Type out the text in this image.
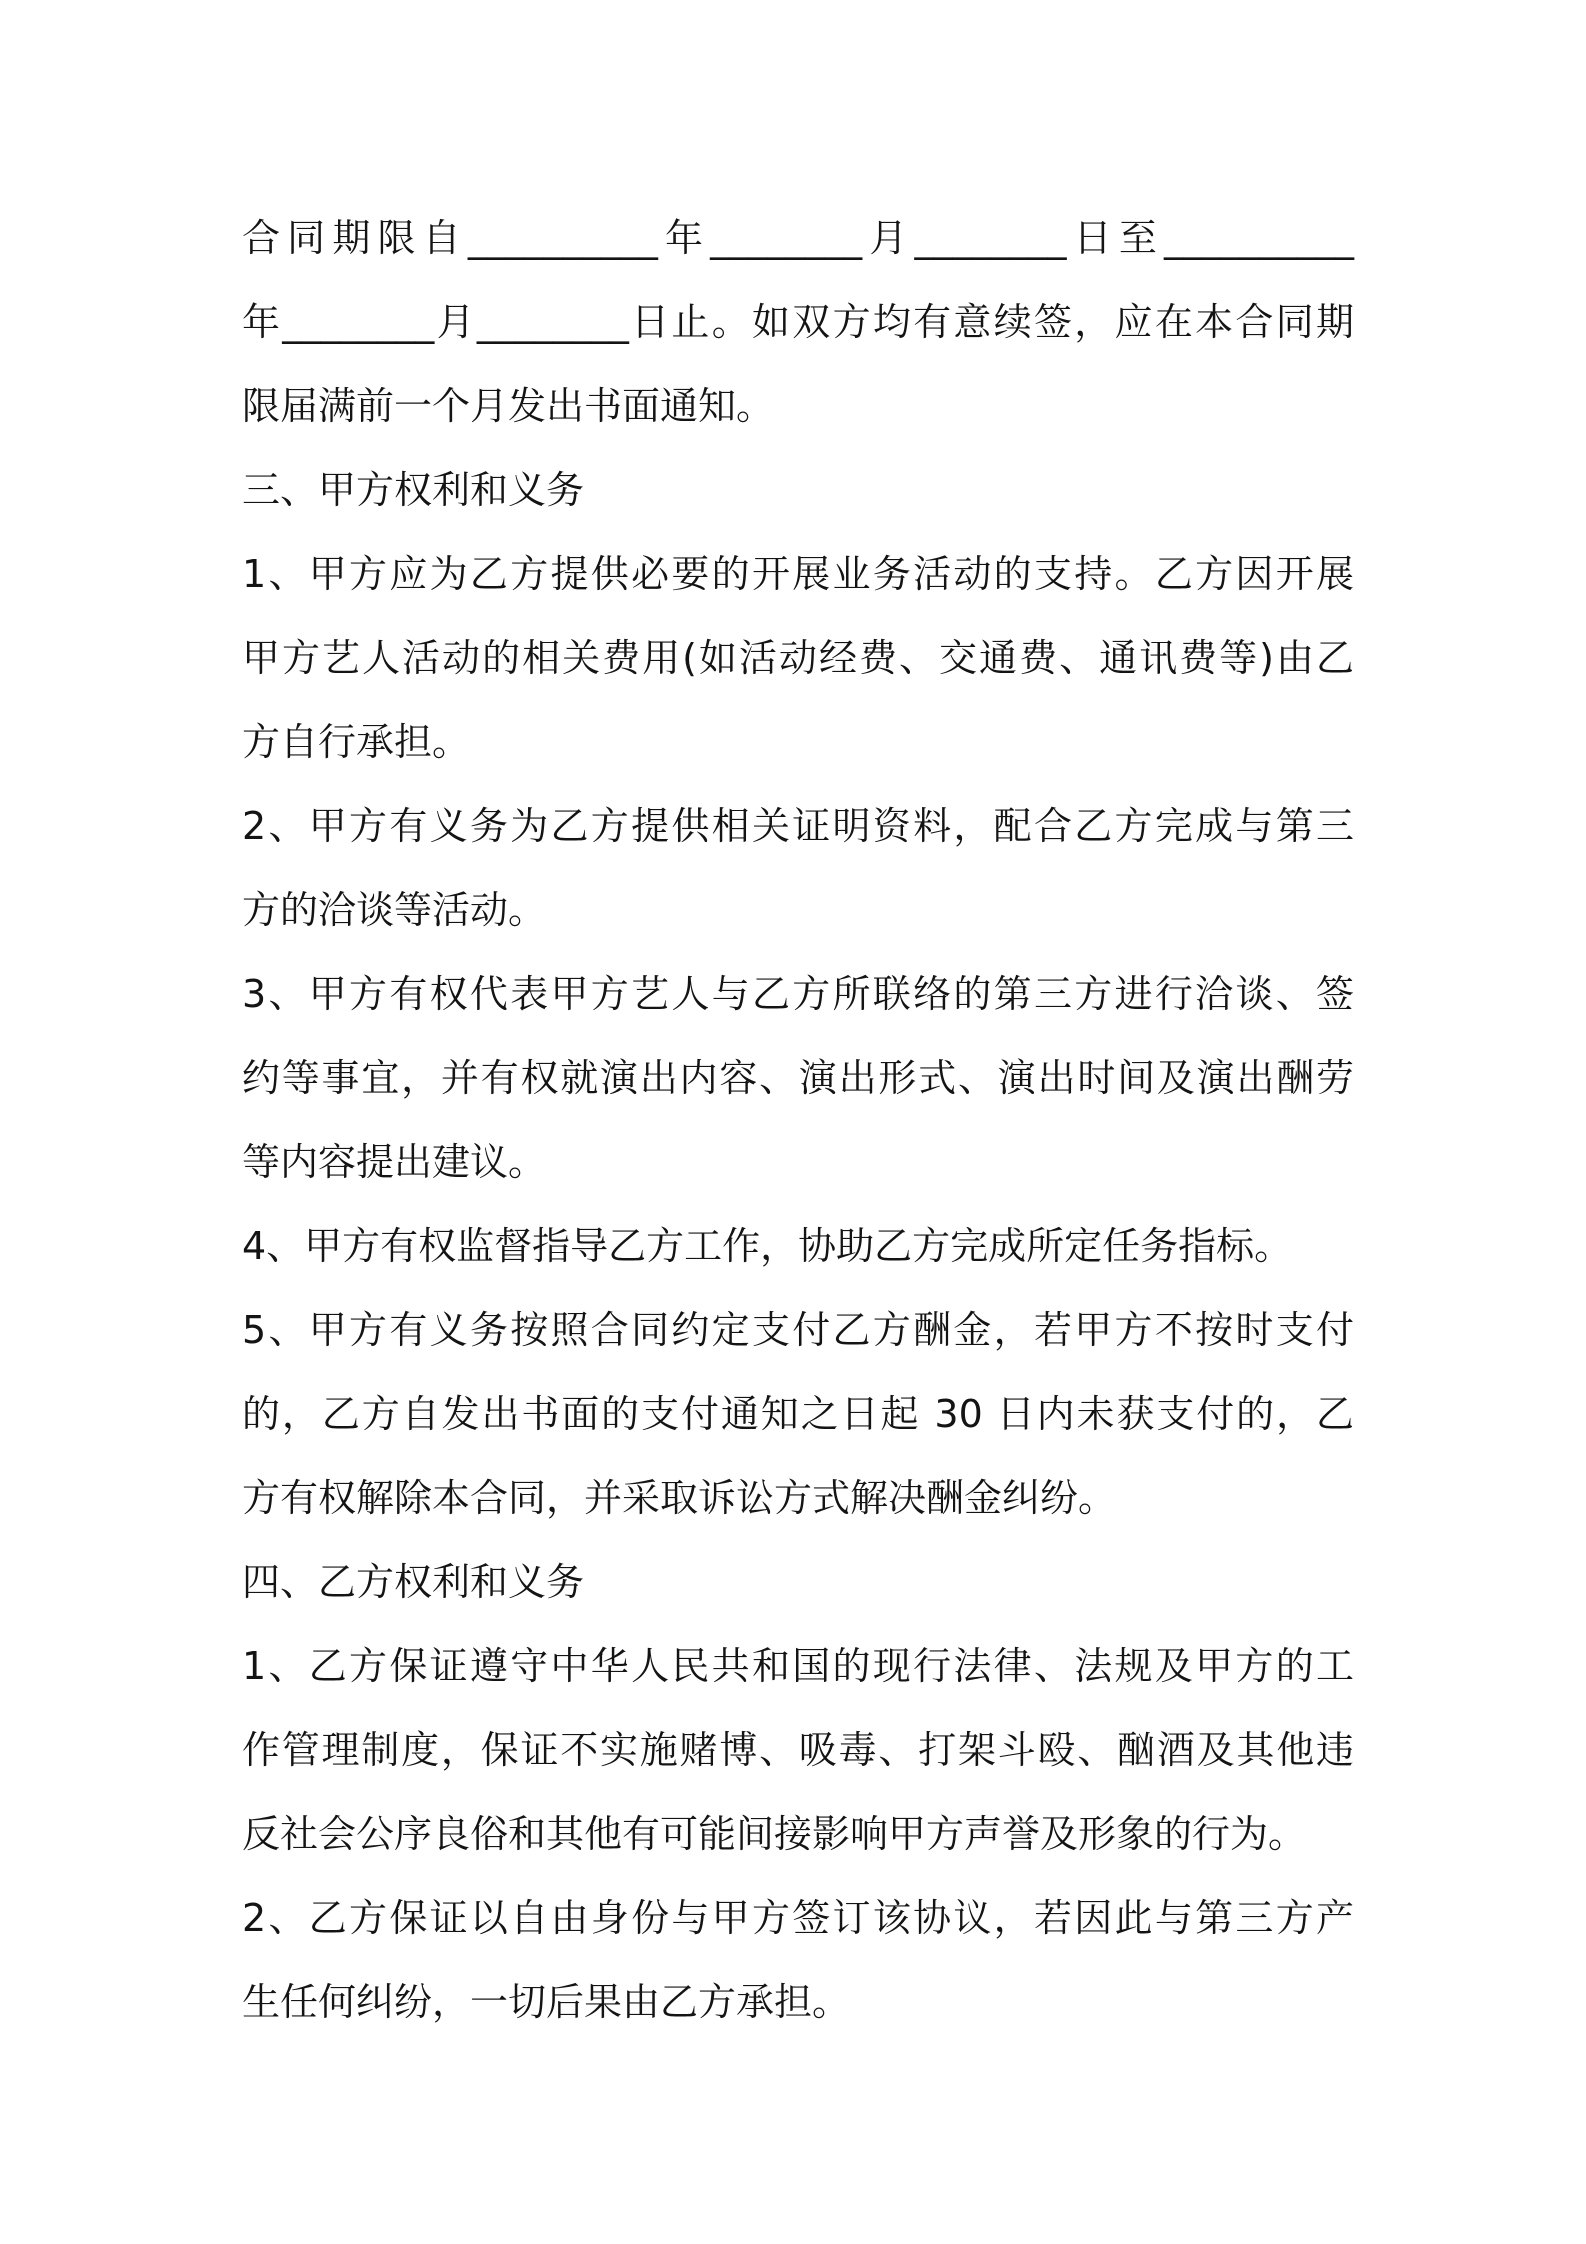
合同期限自__________年________月________日至__________
年________月________日止。如双方均有意续签，应在本合同期
限届满前一个月发出书面通知。

三、甲方权利和义务

1、甲方应为乙方提供必要的开展业务活动的支持。乙方因开展
甲方艺人活动的相关费用(如活动经费、交通费、通讯费等)由乙
方自行承担。

2、甲方有义务为乙方提供相关证明资料，配合乙方完成与第三
方的洽谈等活动。

3、甲方有权代表甲方艺人与乙方所联络的第三方进行洽谈、签
约等事宜，并有权就演出内容、演出形式、演出时间及演出酬劳
等内容提出建议。

4、甲方有权监督指导乙方工作，协助乙方完成所定任务指标。

5、甲方有义务按照合同约定支付乙方酬金，若甲方不按时支付
的，乙方自发出书面的支付通知之日起 30 日内未获支付的，乙
方有权解除本合同，并采取诉讼方式解决酬金纠纷。

四、乙方权利和义务

1、乙方保证遵守中华人民共和国的现行法律、法规及甲方的工
作管理制度，保证不实施赌博、吸毒、打架斗殴、酗酒及其他违
反社会公序良俗和其他有可能间接影响甲方声誉及形象的行为。

2、乙方保证以自由身份与甲方签订该协议，若因此与第三方产
生任何纠纷，一切后果由乙方承担。
